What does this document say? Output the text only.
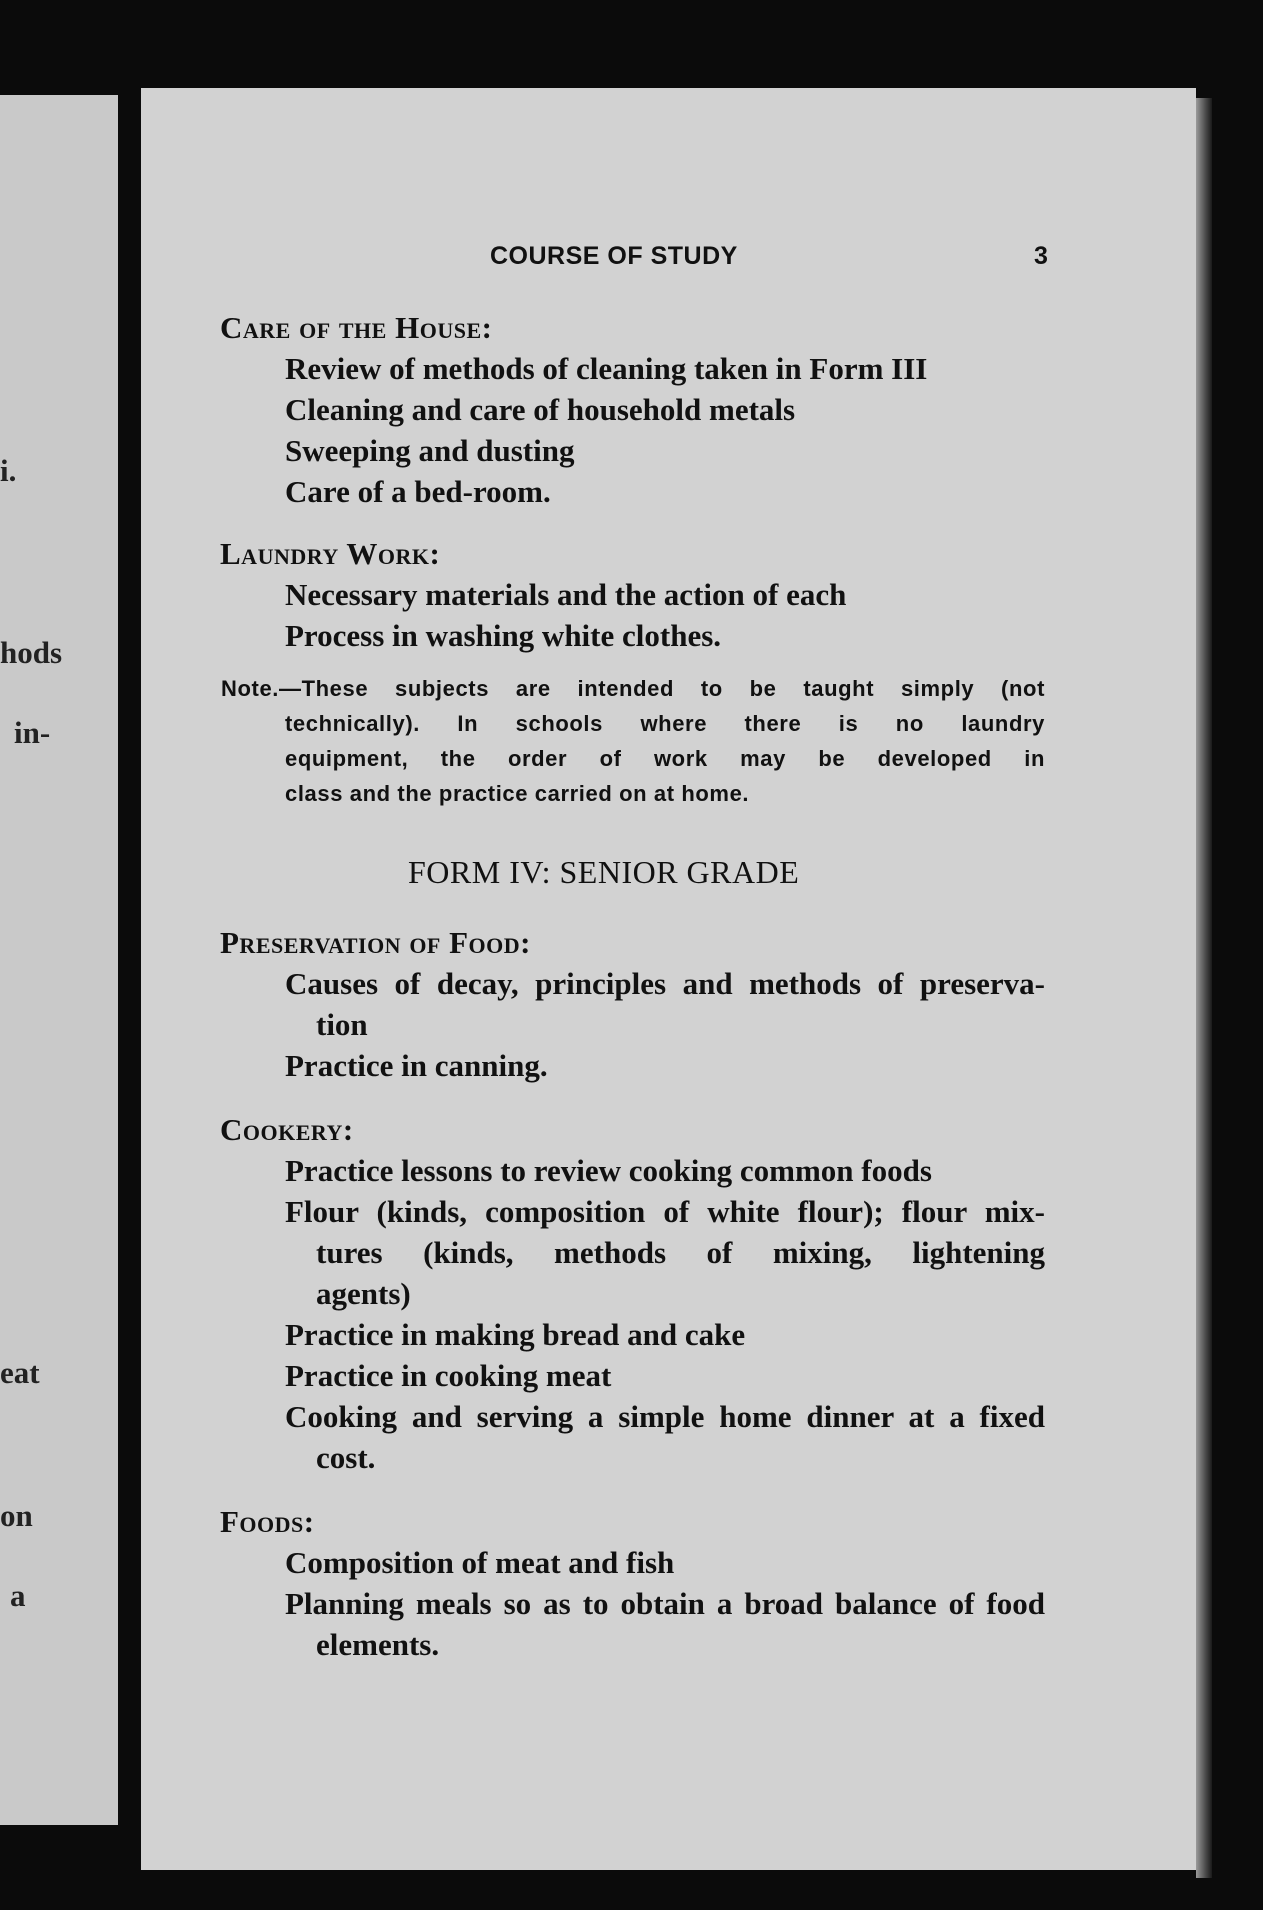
i.
hods
in-
eat
on
a
COURSE OF STUDY	3
Care of the House:
Review of methods of cleaning taken in Form III
Cleaning and care of household metals
Sweeping and dusting
Care of a bed-room.
Laundry Work:
Necessary materials and the action of each
Process in washing white clothes.
Note.—These subjects are intended to be taught simply (not
technically). In schools where there is no laundry
equipment, the order of work may be developed in
class and the practice carried on at home.
FORM IV: SENIOR GRADE
Preservation of Food:
Causes of decay, principles and methods of preserva-
tion
Practice in canning.
Cookery:
Practice lessons to review cooking common foods
Flour (kinds, composition of white flour); flour mix-
tures (kinds, methods of mixing, lightening
agents)
Practice in making bread and cake
Practice in cooking meat
Cooking and serving a simple home dinner at a fixed
cost.
Foods:
Composition of meat and fish
Planning meals so as to obtain a broad balance of food
elements.
